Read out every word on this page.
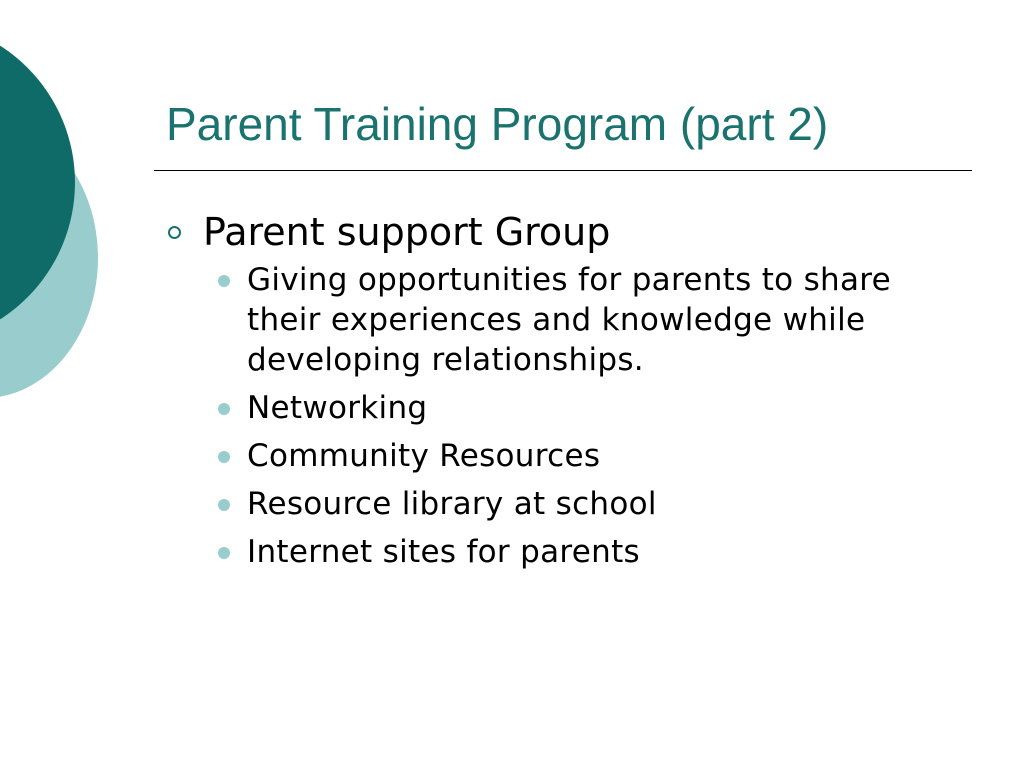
Parent Training Program (part 2)
Parent support Group
Giving opportunities for parents to share their experiences and knowledge while developing relationships.
Networking
Community Resources
Resource library at school
Internet sites for parents
